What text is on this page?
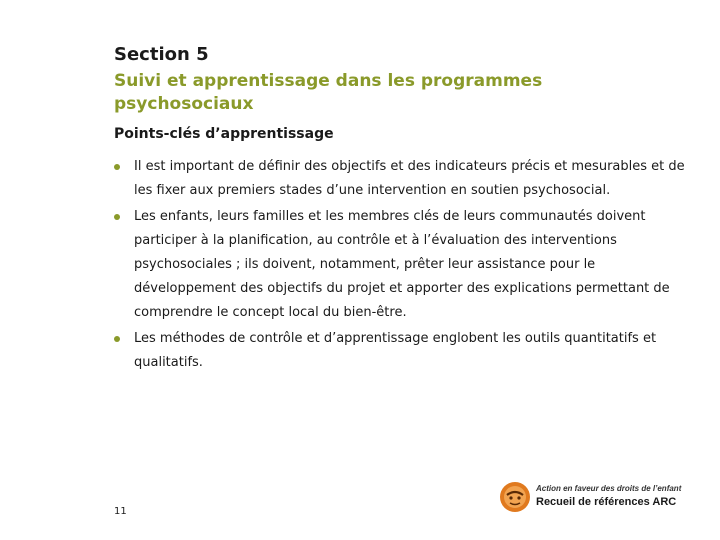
Section 5
Suivi et apprentissage dans les programmes psychosociaux
Points-clés d’apprentissage
Il est important de définir des objectifs et des indicateurs précis et mesurables et de les fixer aux premiers stades d’une intervention en soutien psychosocial.
Les enfants, leurs familles et les membres clés de leurs communautés doivent participer à la planification, au contrôle et à l’évaluation des interventions psychosociales ; ils doivent, notamment, prêter leur assistance pour le développement des objectifs du projet et apporter des explications permettant de comprendre le concept local du bien-être.
Les méthodes de contrôle et d’apprentissage englobent les outils quantitatifs et qualitatifs.
11
Action en faveur des droits de l’enfant
Recueil de références ARC
